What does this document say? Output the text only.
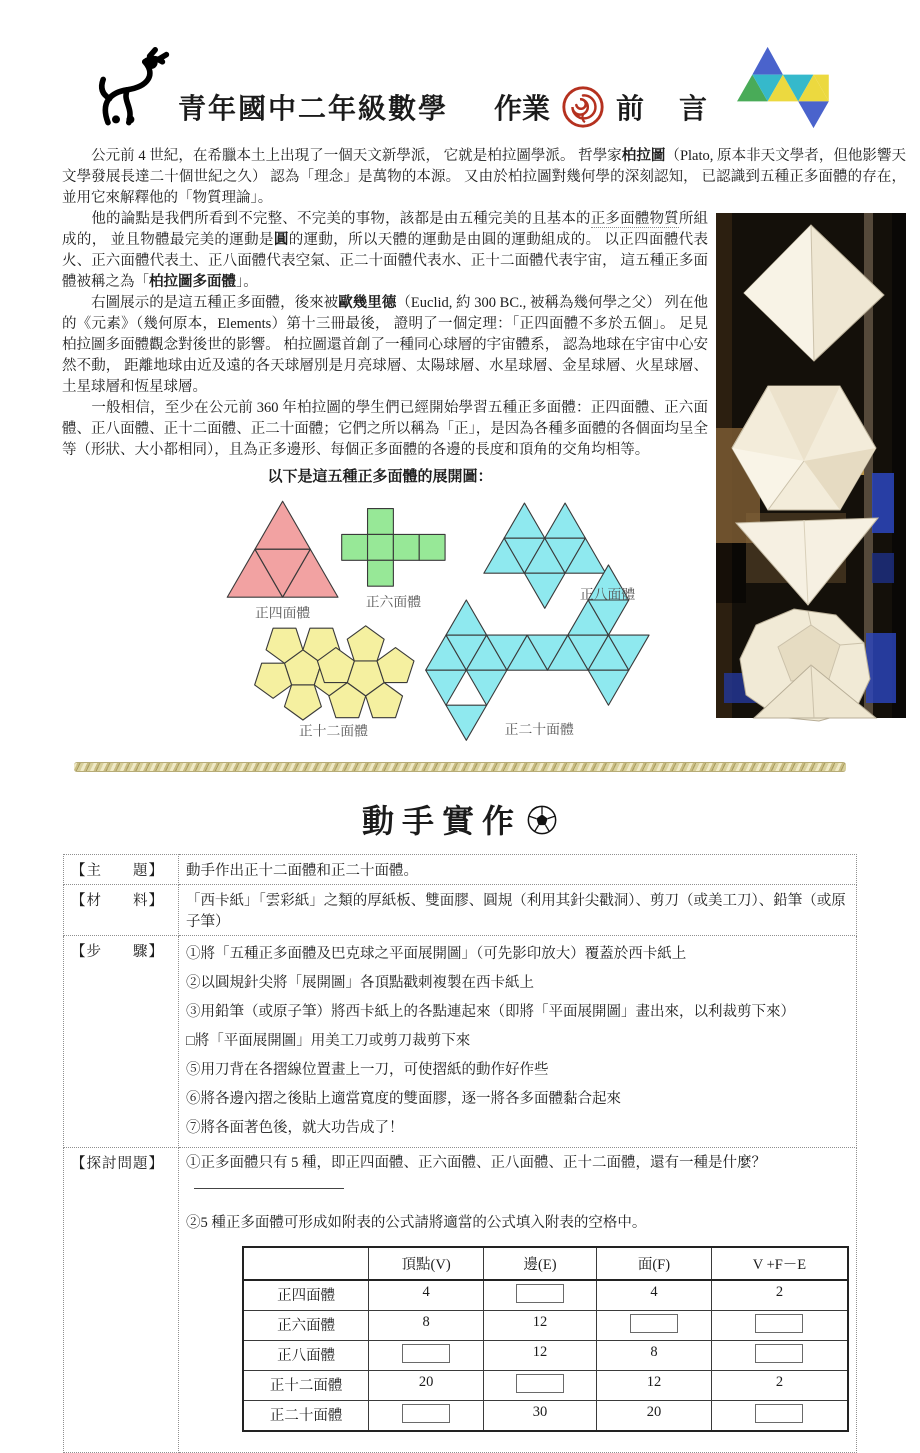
青年國中二年級數學 作業 前 言

　　公元前 4 世紀，在希臘本土上出現了一個天文新學派， 它就是柏拉圖學派。 哲學家柏拉圖（Plato, 原本非天文學者，但他影響天文學發展長達二十個世紀之久） 認為「理念」是萬物的本源。 又由於柏拉圖對幾何學的深刻認知， 已認識到五種正多面體的存在，並用它來解釋他的「物質理論」。

　　他的論點是我們所看到不完整、不完美的事物，該都是由五種完美的且基本的正多面體物質所組成的， 並且物體最完美的運動是圓的運動，所以天體的運動是由圓的運動組成的。 以正四面體代表火、正六面體代表土、正八面體代表空氣、正二十面體代表水、正十二面體代表宇宙， 這五種正多面體被稱之為「柏拉圖多面體」。

　　右圖展示的是這五種正多面體，後來被歐幾里德（Euclid, 約 300 BC., 被稱為幾何學之父） 列在他的《元素》（幾何原本，Elements）第十三冊最後， 證明了一個定理：「正四面體不多於五個」。 足見柏拉圖多面體觀念對後世的影響。 柏拉圖還首創了一種同心球層的宇宙體系， 認為地球在宇宙中心安然不動， 距離地球由近及遠的各天球層別是月亮球層、太陽球層、水星球層、金星球層、火星球層、 土星球層和恆星球層。

　　一般相信，至少在公元前 360 年柏拉圖的學生們已經開始學習五種正多面體：正四面體、正六面體、正八面體、正十二面體、正二十面體；它們之所以稱為「正」，是因為各種多面體的各個面均呈全等（形狀、大小都相同），且為正多邊形、每個正多面體的各邊的長度和頂角的交角均相等。

以下是這五種正多面體的展開圖：
正四面體
正六面體	正八面體
正十二面體	正二十面體
動手實作
【主　　題】	動手作出正十二面體和正二十面體。
【材　　料】	「西卡紙」「雲彩紙」之類的厚紙板、雙面膠、圓規（利用其針尖戳洞）、剪刀（或美工刀）、鉛筆（或原子筆）
【步　　驟】	①將「五種正多面體及巴克球之平面展開圖」（可先影印放大）覆蓋於西卡紙上
②以圓規針尖將「展開圖」各頂點戳刺複製在西卡紙上
③用鉛筆（或原子筆）將西卡紙上的各點連起來（即將「平面展開圖」畫出來，以利裁剪下來）
□將「平面展開圖」用美工刀或剪刀裁剪下來
⑤用刀背在各摺線位置畫上一刀，可使摺紙的動作好作些
⑥將各邊內摺之後貼上適當寬度的雙面膠，逐一將各多面體黏合起來
⑦將各面著色後，就大功告成了！

【探討問題】	①正多面體只有 5 種，即正四面體、正六面體、正八面體、正十二面體，還有一種是什麼？
②5 種正多面體可形成如附表的公式請將適當的公式填入附表的空格中。
	頂點(V)	邊(E)	面(F)	V +F－E
正四面體	4		4	2
正六面體	8	12		
正八面體		12	8	
正十二面體	20		12	2
正二十面體		30	20	
